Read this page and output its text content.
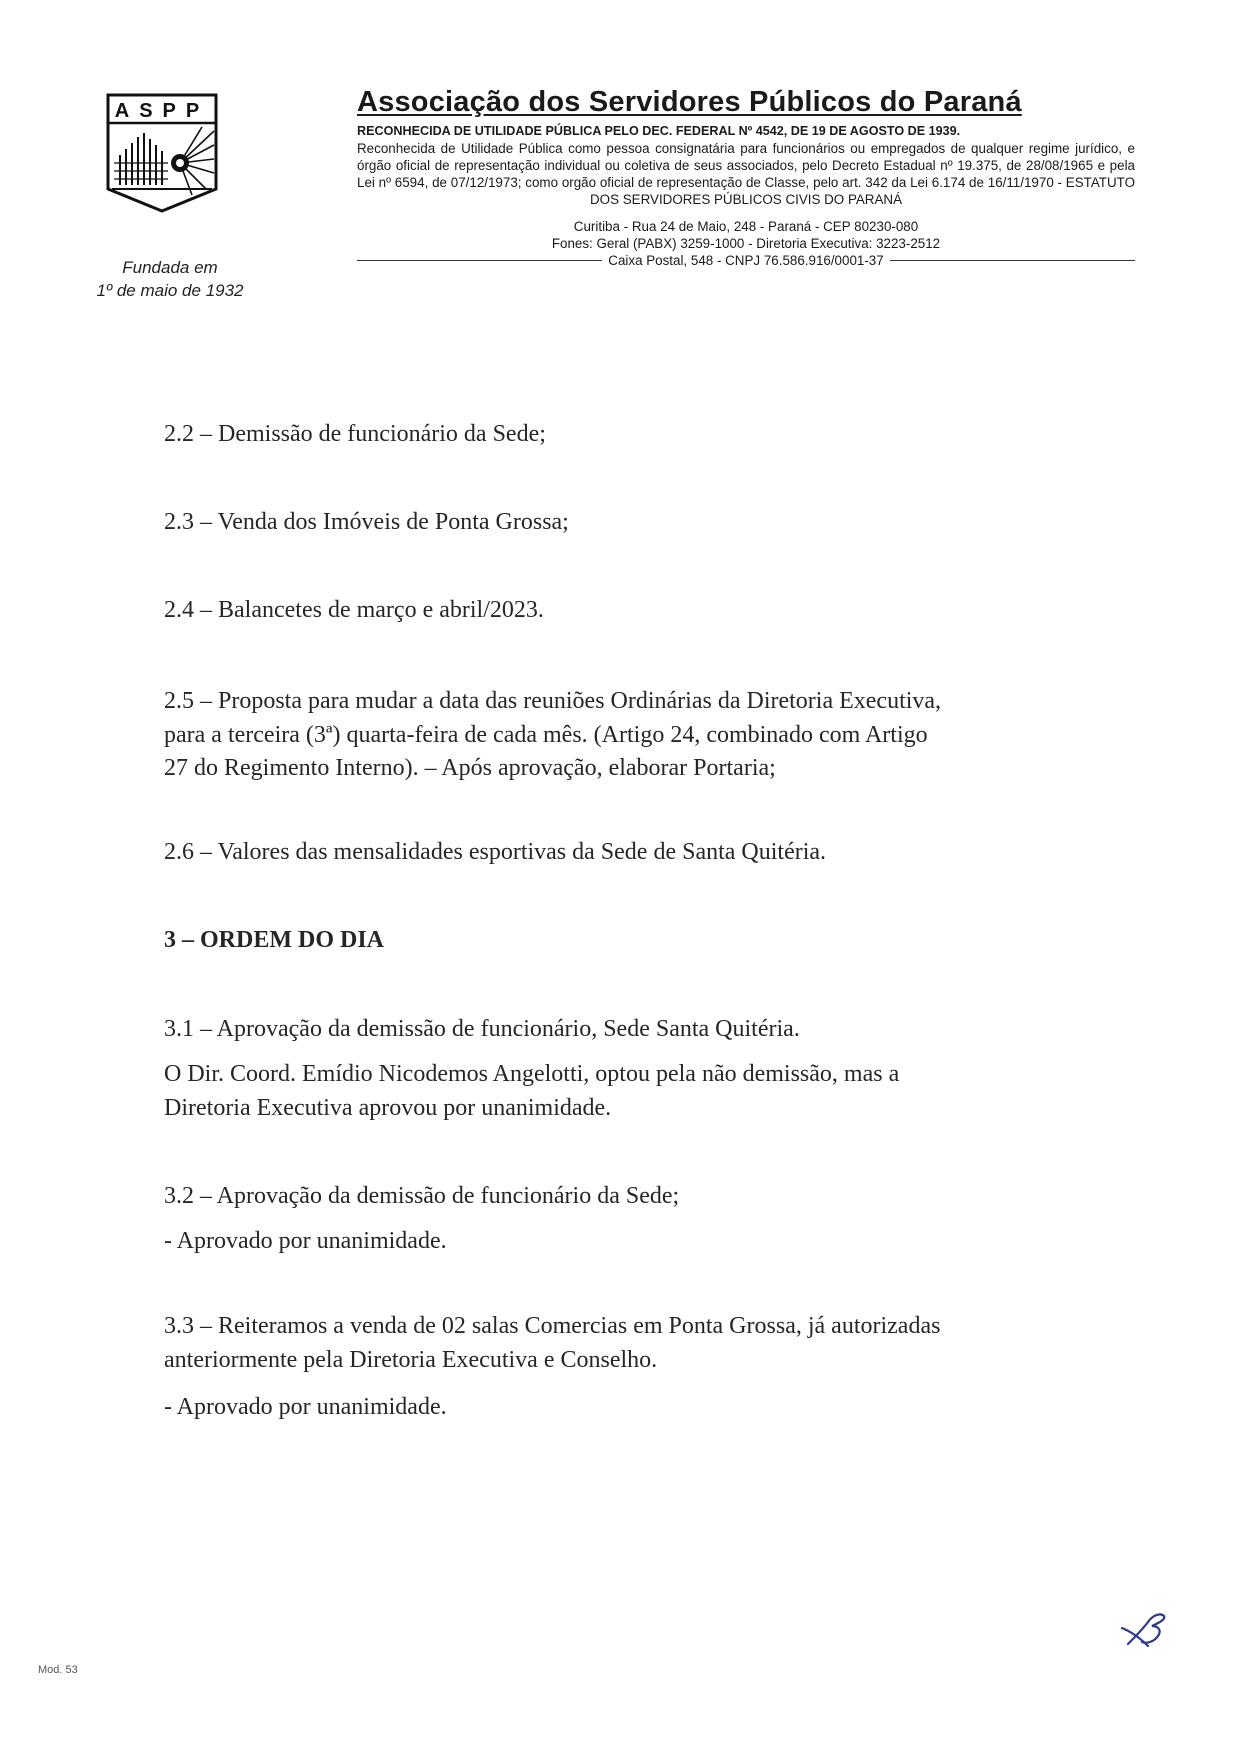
ASPP
Fundada em
1º de maio de 1932
Associação dos Servidores Públicos do Paraná
RECONHECIDA DE UTILIDADE PÚBLICA PELO DEC. FEDERAL Nº 4542, DE 19 DE AGOSTO DE 1939.
Reconhecida de Utilidade Pública como pessoa consignatária para funcionários ou empregados de qualquer regime jurídico, e órgão oficial de representação individual ou coletiva de seus associados, pelo Decreto Estadual nº 19.375, de 28/08/1965 e pela Lei nº 6594, de 07/12/1973; como orgão oficial de representação de Classe, pelo art. 342 da Lei 6.174 de 16/11/1970 - ESTATUTO DOS SERVIDORES PÚBLICOS CIVIS DO PARANÁ
Curitiba - Rua 24 de Maio, 248 - Paraná - CEP 80230-080
Fones: Geral (PABX) 3259-1000 - Diretoria Executiva: 3223-2512
Caixa Postal, 548 - CNPJ 76.586.916/0001-37

2.2 – Demissão de funcionário da Sede;

2.3 – Venda dos Imóveis de Ponta Grossa;

2.4 – Balancetes de março e abril/2023.

2.5 – Proposta para mudar a data das reuniões Ordinárias da Diretoria Executiva,
para a terceira (3ª) quarta-feira de cada mês. (Artigo 24, combinado com Artigo
27 do Regimento Interno). – Após aprovação, elaborar Portaria;

2.6 – Valores das mensalidades esportivas da Sede de Santa Quitéria.

3 – ORDEM DO DIA

3.1 – Aprovação da demissão de funcionário, Sede Santa Quitéria.

O Dir. Coord. Emídio Nicodemos Angelotti, optou pela não demissão, mas a
Diretoria Executiva aprovou por unanimidade.

3.2 – Aprovação da demissão de funcionário da Sede;

- Aprovado por unanimidade.

3.3 – Reiteramos a venda de 02 salas Comercias em Ponta Grossa, já autorizadas
anteriormente pela Diretoria Executiva e Conselho.

- Aprovado por unanimidade.

Mod. 53
